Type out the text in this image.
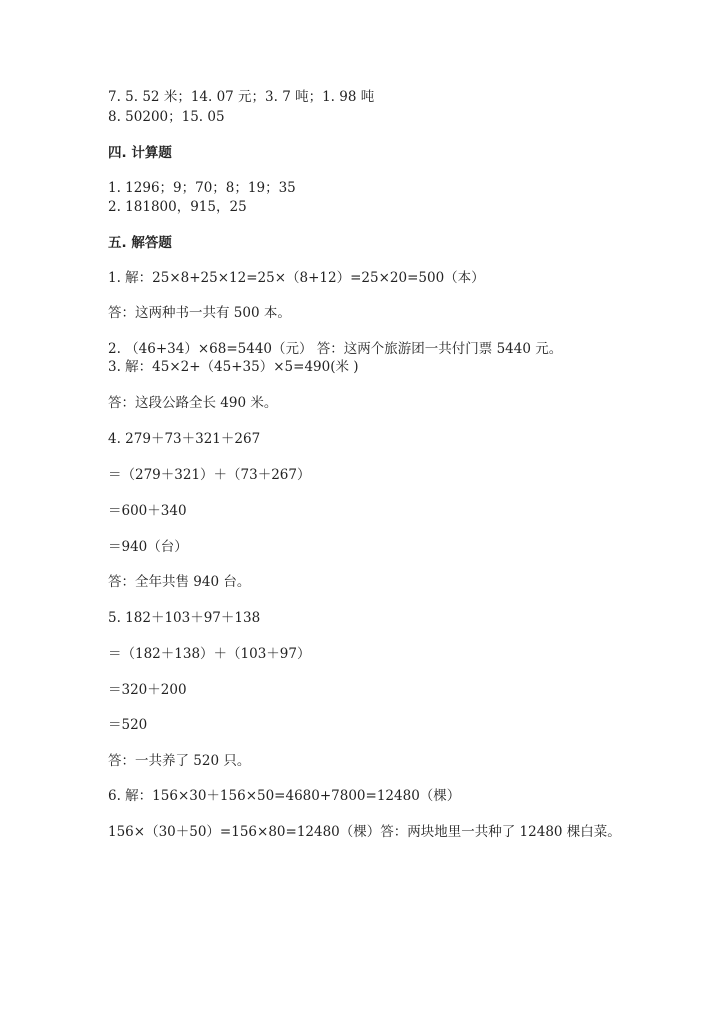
7. 5. 52 米；14. 07 元；3. 7 吨；1. 98 吨
8. 50200；15. 05
四. 计算题
1. 1296；9；70；8；19；35
2. 181800，915，25
五. 解答题
1. 解：25×8+25×12=25×（8+12）=25×20=500（本）
答：这两种书一共有 500 本。
2. （46+34）×68=5440（元） 答：这两个旅游团一共付门票 5440 元。
3. 解：45×2+（45+35）×5=490(米 )
答：这段公路全长 490 米。
4. 279＋73＋321＋267
＝（279＋321）＋（73＋267）
＝600＋340
＝940（台）
答：全年共售 940 台。
5. 182＋103＋97＋138
＝（182＋138）＋（103＋97）
＝320＋200
＝520
答：一共养了 520 只。
6. 解：156×30＋156×50=4680+7800=12480（棵）
156×（30＋50）=156×80=12480（棵）答：两块地里一共种了 12480 棵白菜。
